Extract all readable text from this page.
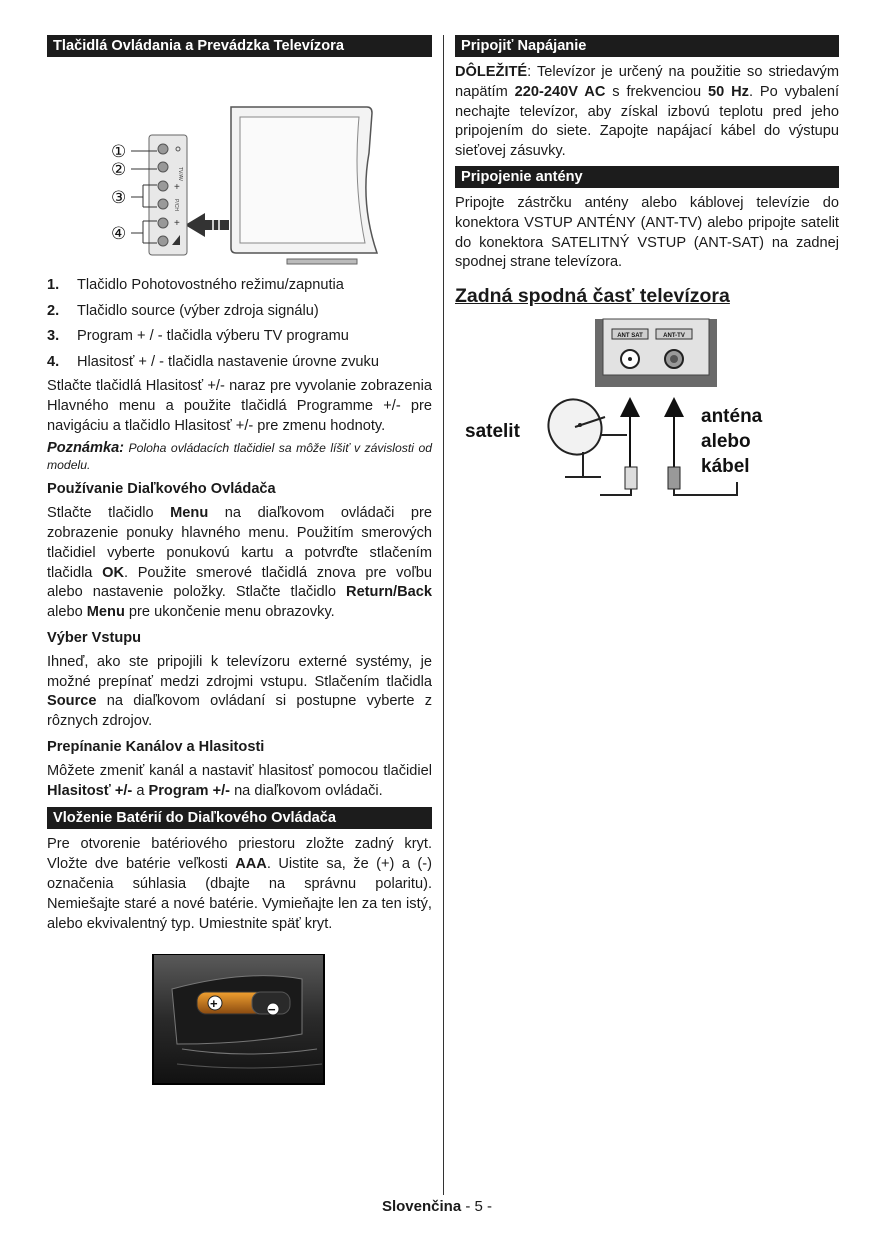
Tlačidlá Ovládania a Prevádzka Televízora
TV/AV
+
P/CH
+
①
②
③
④
1.	Tlačidlo Pohotovostného režimu/zapnutia
2.	Tlačidlo source (výber zdroja signálu)
3.	Program + / - tlačidla výberu TV programu
4.	Hlasitosť + / - tlačidla nastavenie úrovne zvuku

Stlačte tlačidlá Hlasitosť +/- naraz pre vyvolanie zobrazenia Hlavného menu a použite tlačidlá Programme +/- pre navigáciu a tlačidlo Hlasitosť +/- pre zmenu hodnoty.

Poznámka: Poloha ovládacích tlačidiel sa môže líšiť v závislosti od modelu.

Používanie Diaľkového Ovládača

Stlačte tlačidlo Menu na diaľkovom ovládači pre zobrazenie ponuky hlavného menu. Použitím smerových tlačidiel vyberte ponukovú kartu a potvrďte stlačením tlačidla OK. Použite smerové tlačidlá znova pre voľbu alebo nastavenie položky. Stlačte tlačidlo Return/Back alebo Menu pre ukončenie menu obrazovky.

Výber Vstupu

Ihneď, ako ste pripojili k televízoru externé systémy, je možné prepínať medzi zdrojmi vstupu. Stlačením tlačidla Source na diaľkovom ovládaní si postupne vyberte z rôznych zdrojov.

Prepínanie Kanálov a Hlasitosti

Môžete zmeniť kanál a nastaviť hlasitosť pomocou tlačidiel Hlasitosť +/- a Program +/- na diaľkovom ovládači.

Vloženie Batérií do Diaľkového Ovládača

Pre otvorenie batériového priestoru zložte zadný kryt. Vložte dve batérie veľkosti AAA. Uistite sa, že (+) a (-) označenia súhlasia (dbajte na správnu polaritu). Nemiešajte staré a nové batérie. Vymieňajte len za ten istý, alebo ekvivalentný typ. Umiestnite späť kryt.

+	−
Pripojiť Napájanie

DÔLEŽITÉ: Televízor je určený na použitie so striedavým napätím 220-240V AC s frekvenciou 50 Hz. Po vybalení nechajte televízor, aby získal izbovú teplotu pred jeho pripojením do siete. Zapojte napájací kábel do výstupu sieťovej zásuvky.

Pripojenie antény

Pripojte zástrčku antény alebo káblovej televízie do konektora VSTUP ANTÉNY (ANT-TV) alebo pripojte satelit do konektora SATELITNÝ VSTUP (ANT-SAT) na zadnej spodnej strane televízora.

Zadná spodná časť televízora
ANT SAT	ANT-TV
satelit
anténa
alebo
kábel
Slovenčina - 5 -
